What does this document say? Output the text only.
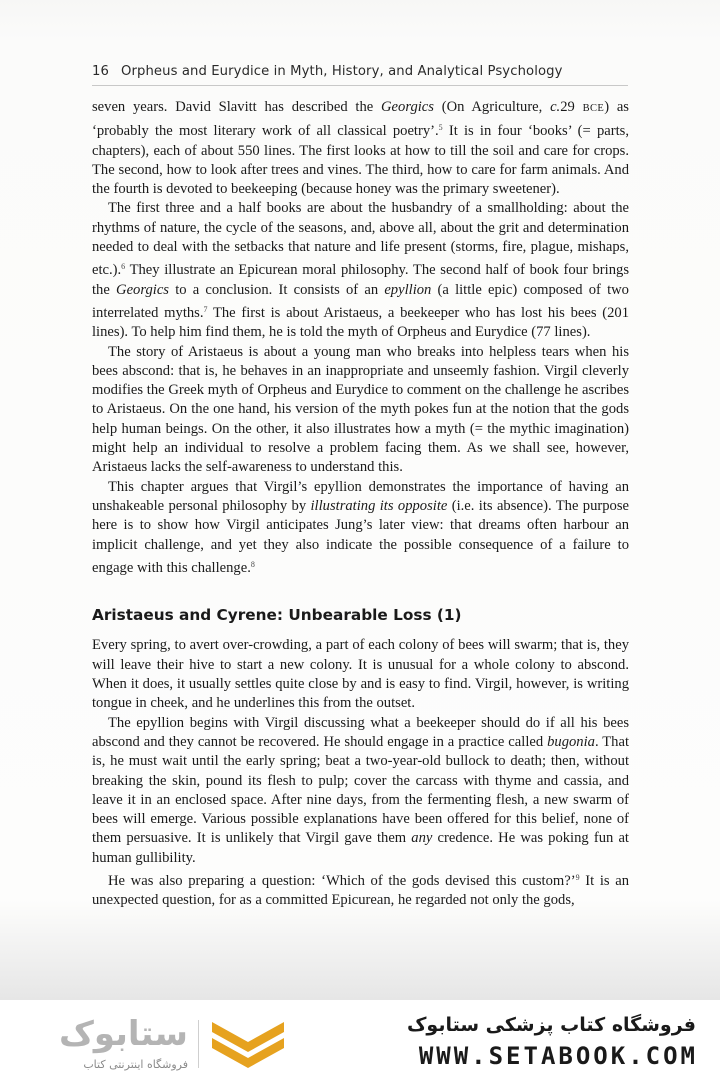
16 Orpheus and Eurydice in Myth, History, and Analytical Psychology

seven years. David Slavitt has described the Georgics (On Agriculture, c.29 BCE) as ‘probably the most literary work of all classical poetry’.$^5$ It is in four ‘books’ (= parts, chapters), each of about 550 lines. The first looks at how to till the soil and care for crops. The second, how to look after trees and vines. The third, how to care for farm animals. And the fourth is devoted to beekeeping (because honey was the primary sweetener).

The first three and a half books are about the husbandry of a smallholding: about the rhythms of nature, the cycle of the seasons, and, above all, about the grit and determination needed to deal with the setbacks that nature and life present (storms, fire, plague, mishaps, etc.).$^6$ They illustrate an Epicurean moral philosophy. The second half of book four brings the Georgics to a conclusion. It consists of an epyllion (a little epic) composed of two interrelated myths.$^7$ The first is about Aristaeus, a beekeeper who has lost his bees (201 lines). To help him find them, he is told the myth of Orpheus and Eurydice (77 lines).

The story of Aristaeus is about a young man who breaks into helpless tears when his bees abscond: that is, he behaves in an inappropriate and unseemly fashion. Virgil cleverly modifies the Greek myth of Orpheus and Eurydice to comment on the challenge he ascribes to Aristaeus. On the one hand, his version of the myth pokes fun at the notion that the gods help human beings. On the other, it also illustrates how a myth (= the mythic imagination) might help an individual to resolve a problem facing them. As we shall see, however, Aristaeus lacks the self-awareness to understand this.

This chapter argues that Virgil’s epyllion demonstrates the importance of having an unshakeable personal philosophy by illustrating its opposite (i.e. its absence). The purpose here is to show how Virgil anticipates Jung’s later view: that dreams often harbour an implicit challenge, and yet they also indicate the possible consequence of a failure to engage with this challenge.$^8$

Aristaeus and Cyrene: Unbearable Loss (1)

Every spring, to avert over-crowding, a part of each colony of bees will swarm; that is, they will leave their hive to start a new colony. It is unusual for a whole colony to abscond. When it does, it usually settles quite close by and is easy to find. Virgil, however, is writing tongue in cheek, and he underlines this from the outset.

The epyllion begins with Virgil discussing what a beekeeper should do if all his bees abscond and they cannot be recovered. He should engage in a practice called bugonia. That is, he must wait until the early spring; beat a two-year-old bullock to death; then, without breaking the skin, pound its flesh to pulp; cover the carcass with thyme and cassia, and leave it in an enclosed space. After nine days, from the fermenting flesh, a new swarm of bees will emerge. Various possible explanations have been offered for this belief, none of them persuasive. It is unlikely that Virgil gave them any credence. He was poking fun at human gullibility.

He was also preparing a question: ‘Which of the gods devised this custom?’$^9$ It is an unexpected question, for as a committed Epicurean, he regarded not only the gods,

ستابوک
فروشگاه اینترنتی کتاب
فروشگاه کتاب پزشکی ستابوک
WWW.SETABOOK.COM
